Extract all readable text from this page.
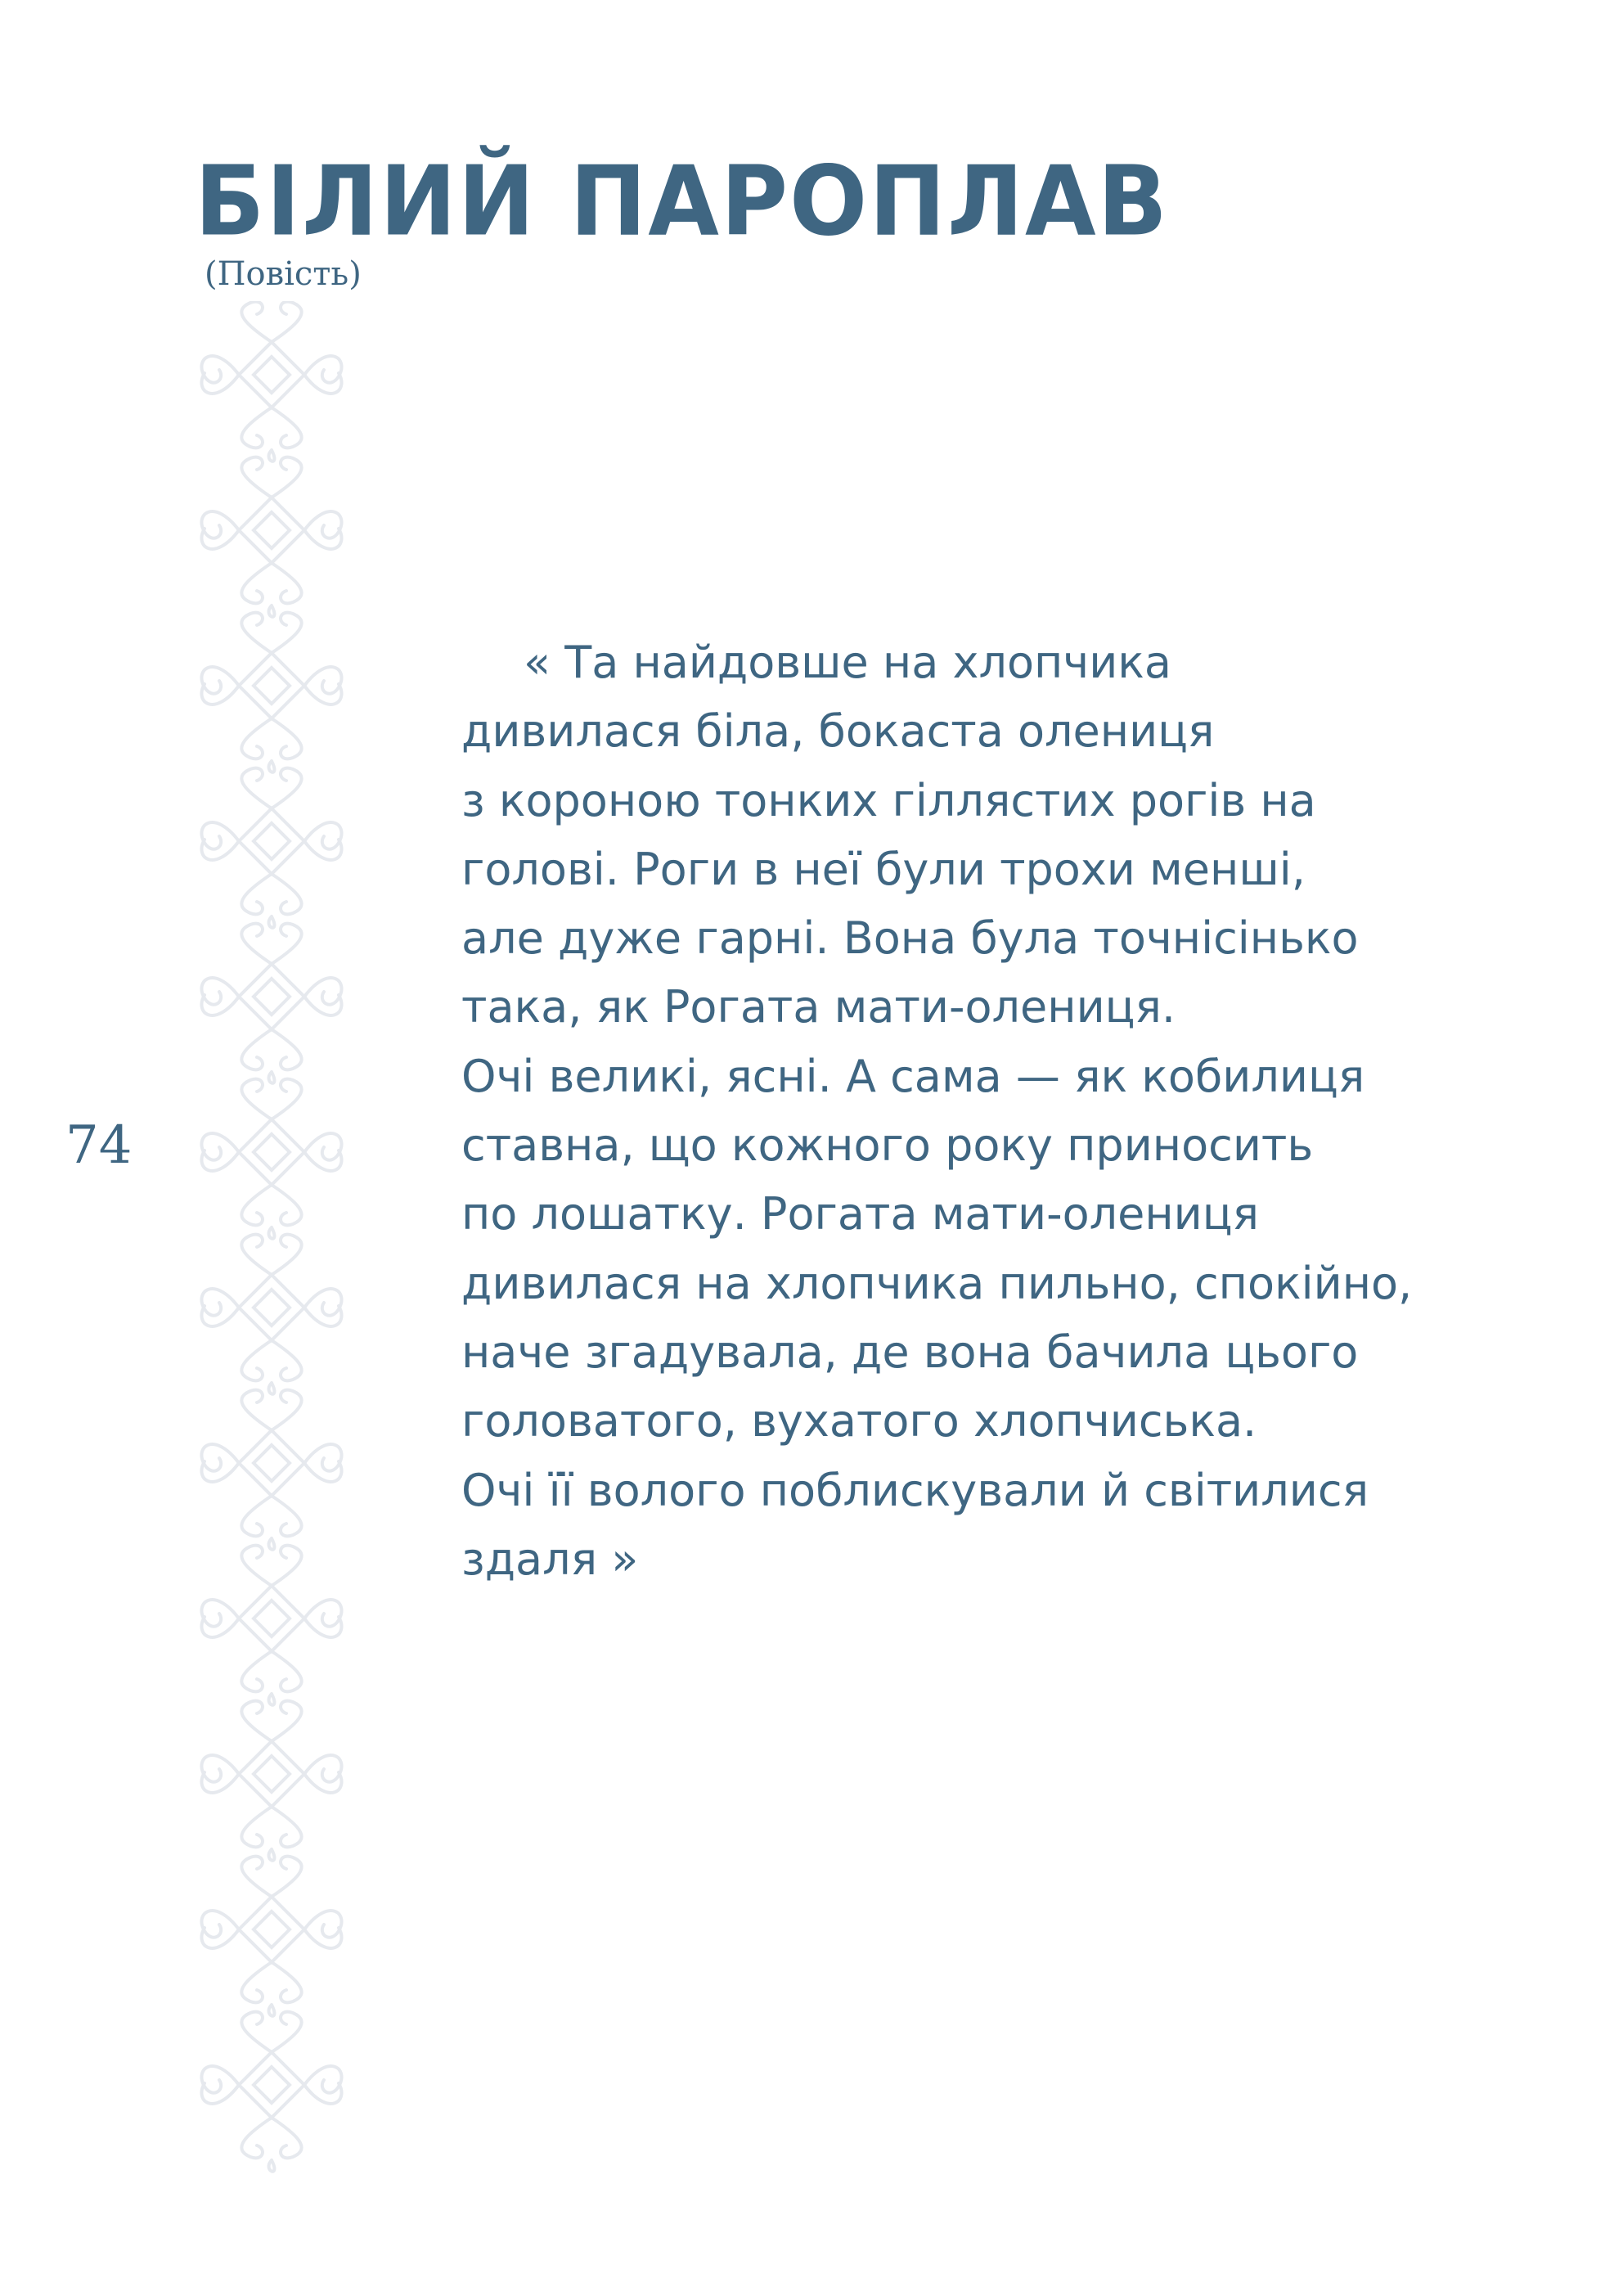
БІЛИЙ ПАРОПЛАВ

(Повість)

74

« Та найдовше на хлопчика
дивилася біла, бокаста олениця
з короною тонких гіллястих рогів на
голові. Роги в неї були трохи менші,
але дуже гарні. Вона була точнісінько
така, як Рогата мати-олениця.
Очі великі, ясні. А сама — як кобилиця
ставна, що кожного року приносить
по лошатку. Рогата мати-олениця
дивилася на хлопчика пильно, спокійно,
наче згадувала, де вона бачила цього
головатого, вухатого хлопчиська.
Очі її волого поблискували й світилися
здаля »
